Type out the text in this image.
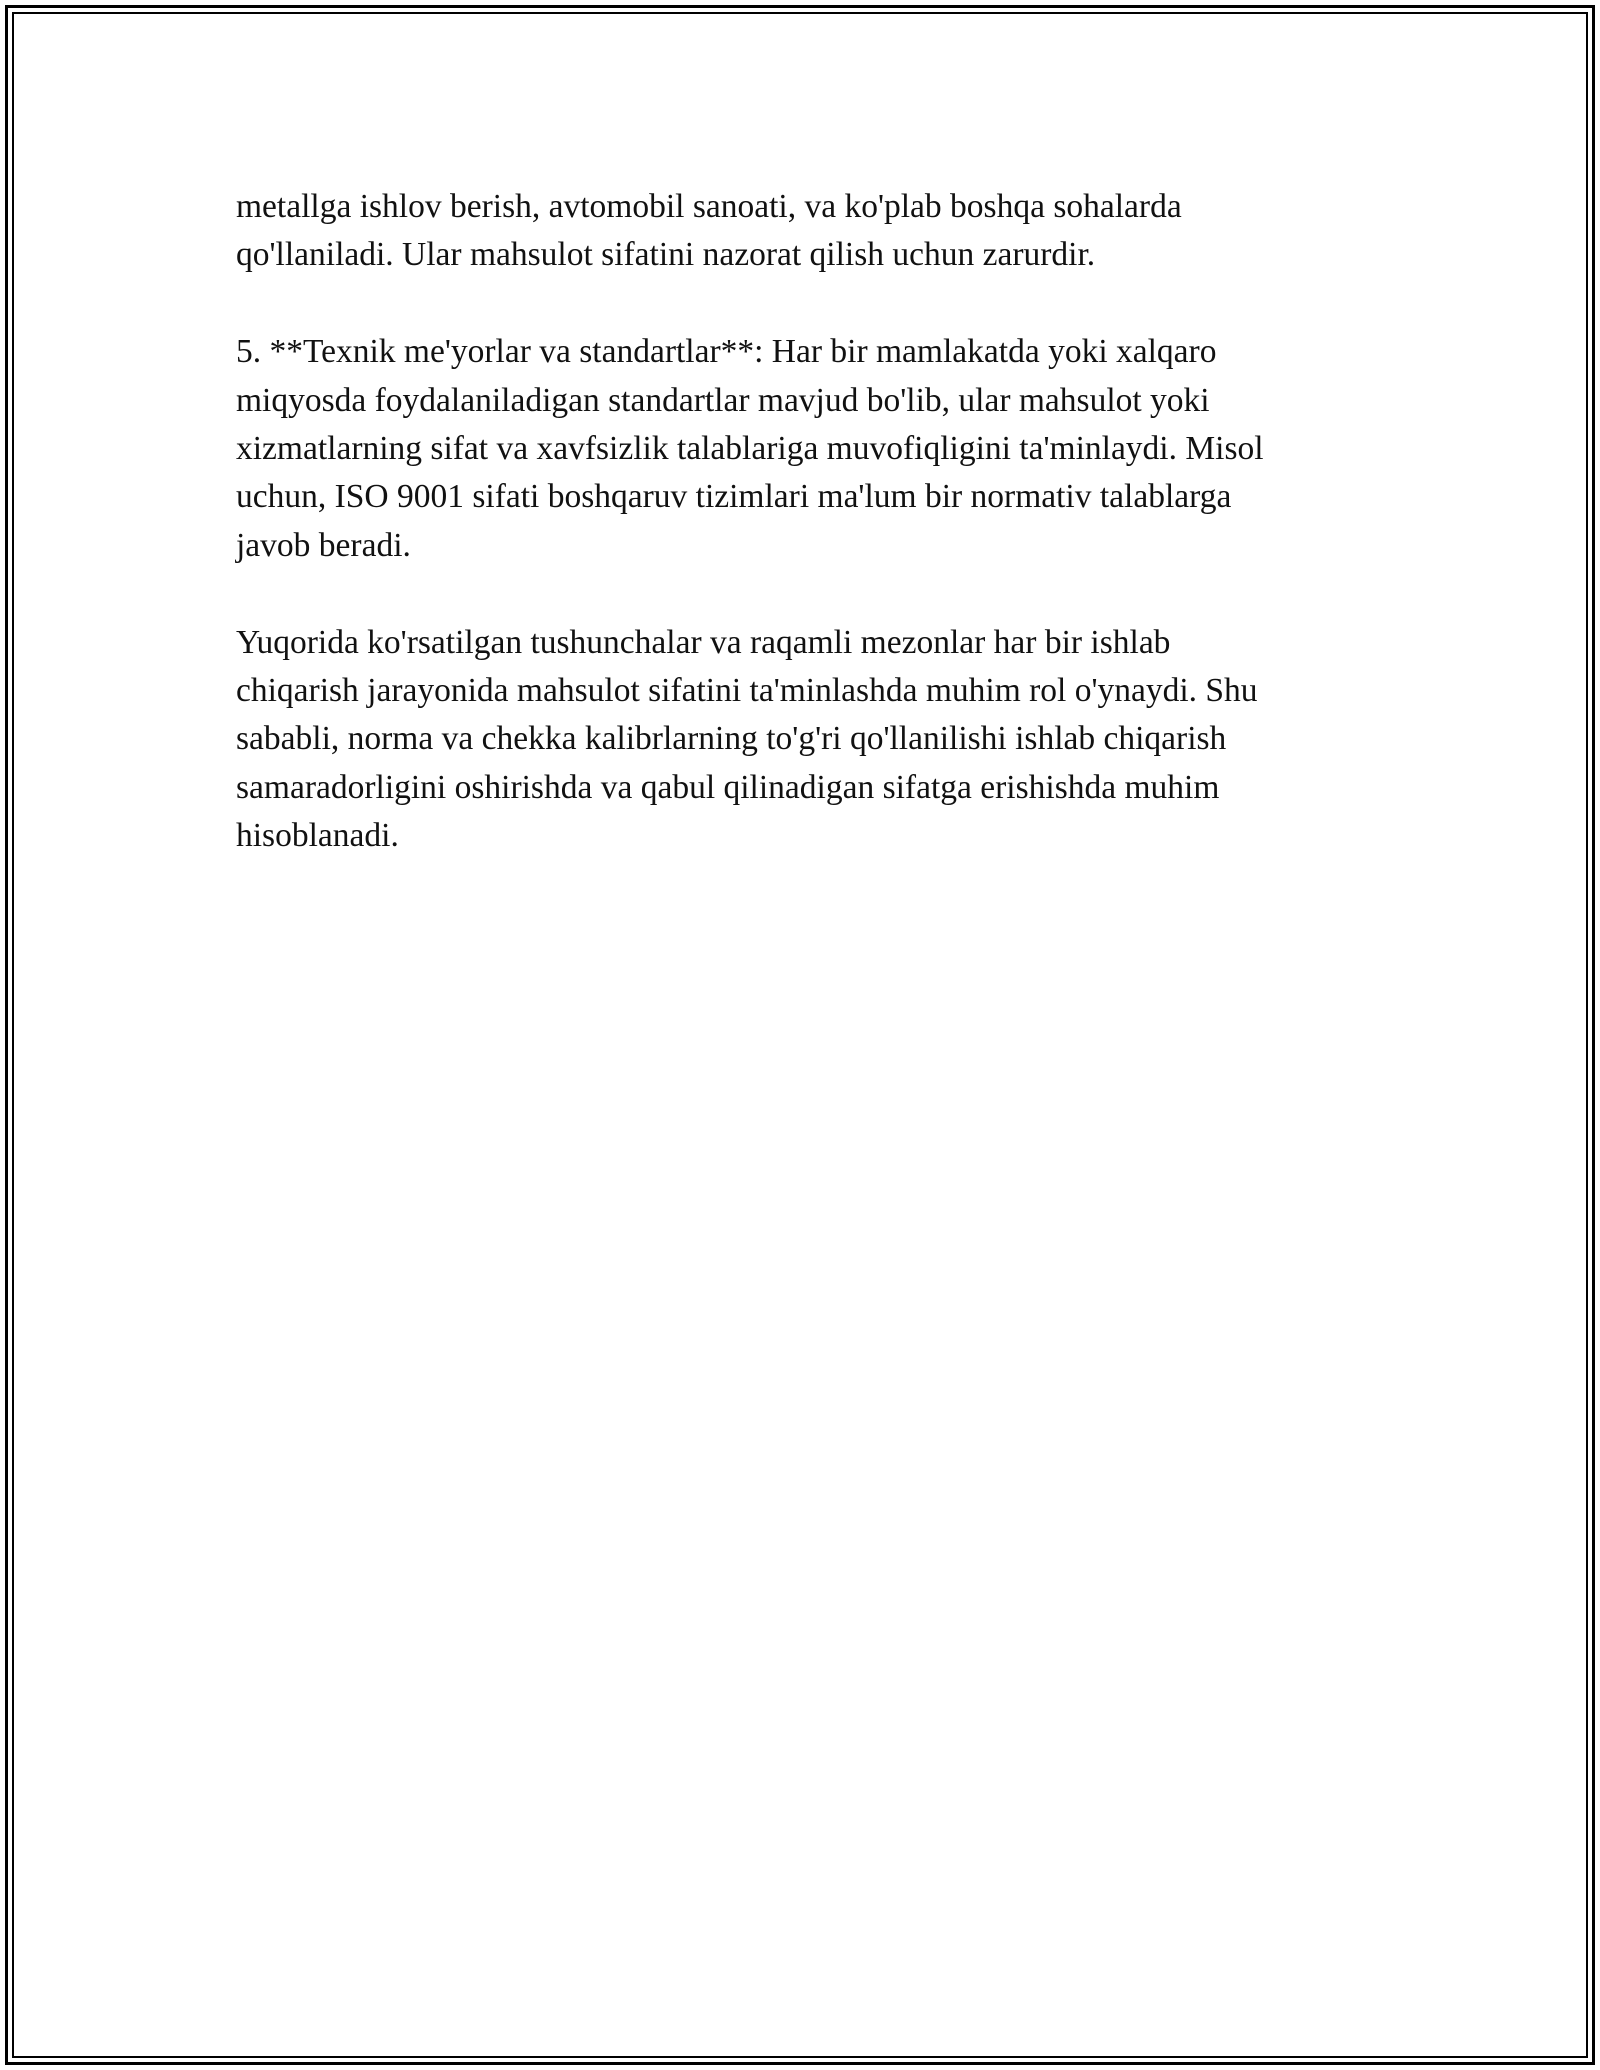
metallga ishlov berish, avtomobil sanoati, va ko'plab boshqa sohalarda
qo'llaniladi. Ular mahsulot sifatini nazorat qilish uchun zarurdir.

5. **Texnik me'yorlar va standartlar**: Har bir mamlakatda yoki xalqaro
miqyosda foydalaniladigan standartlar mavjud bo'lib, ular mahsulot yoki
xizmatlarning sifat va xavfsizlik talablariga muvofiqligini ta'minlaydi. Misol
uchun, ISO 9001 sifati boshqaruv tizimlari ma'lum bir normativ talablarga
javob beradi.

Yuqorida ko'rsatilgan tushunchalar va raqamli mezonlar har bir ishlab
chiqarish jarayonida mahsulot sifatini ta'minlashda muhim rol o'ynaydi. Shu
sababli, norma va chekka kalibrlarning to'g'ri qo'llanilishi ishlab chiqarish
samaradorligini oshirishda va qabul qilinadigan sifatga erishishda muhim
hisoblanadi.
